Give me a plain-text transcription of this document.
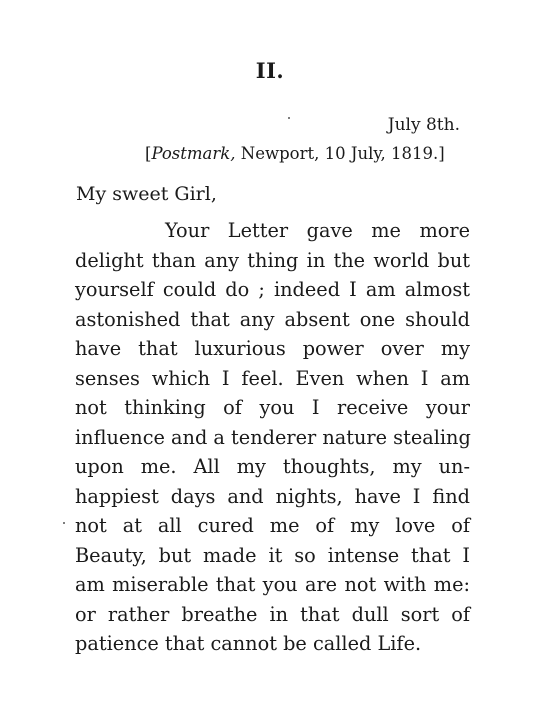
II.
July 8th.
[Postmark, Newport, 10 July, 1819.]
My sweet Girl,
Your Letter gave me more
delight than any thing in the world but
yourself could do ; indeed I am almost
astonished that any absent one should
have that luxurious power over my
senses which I feel. Even when I am
not thinking of you I receive your
influence and a tenderer nature stealing
upon me. All my thoughts, my un-
happiest days and nights, have I find
not at all cured me of my love of
Beauty, but made it so intense that I
am miserable that you are not with me:
or rather breathe in that dull sort of
patience that cannot be called Life.
